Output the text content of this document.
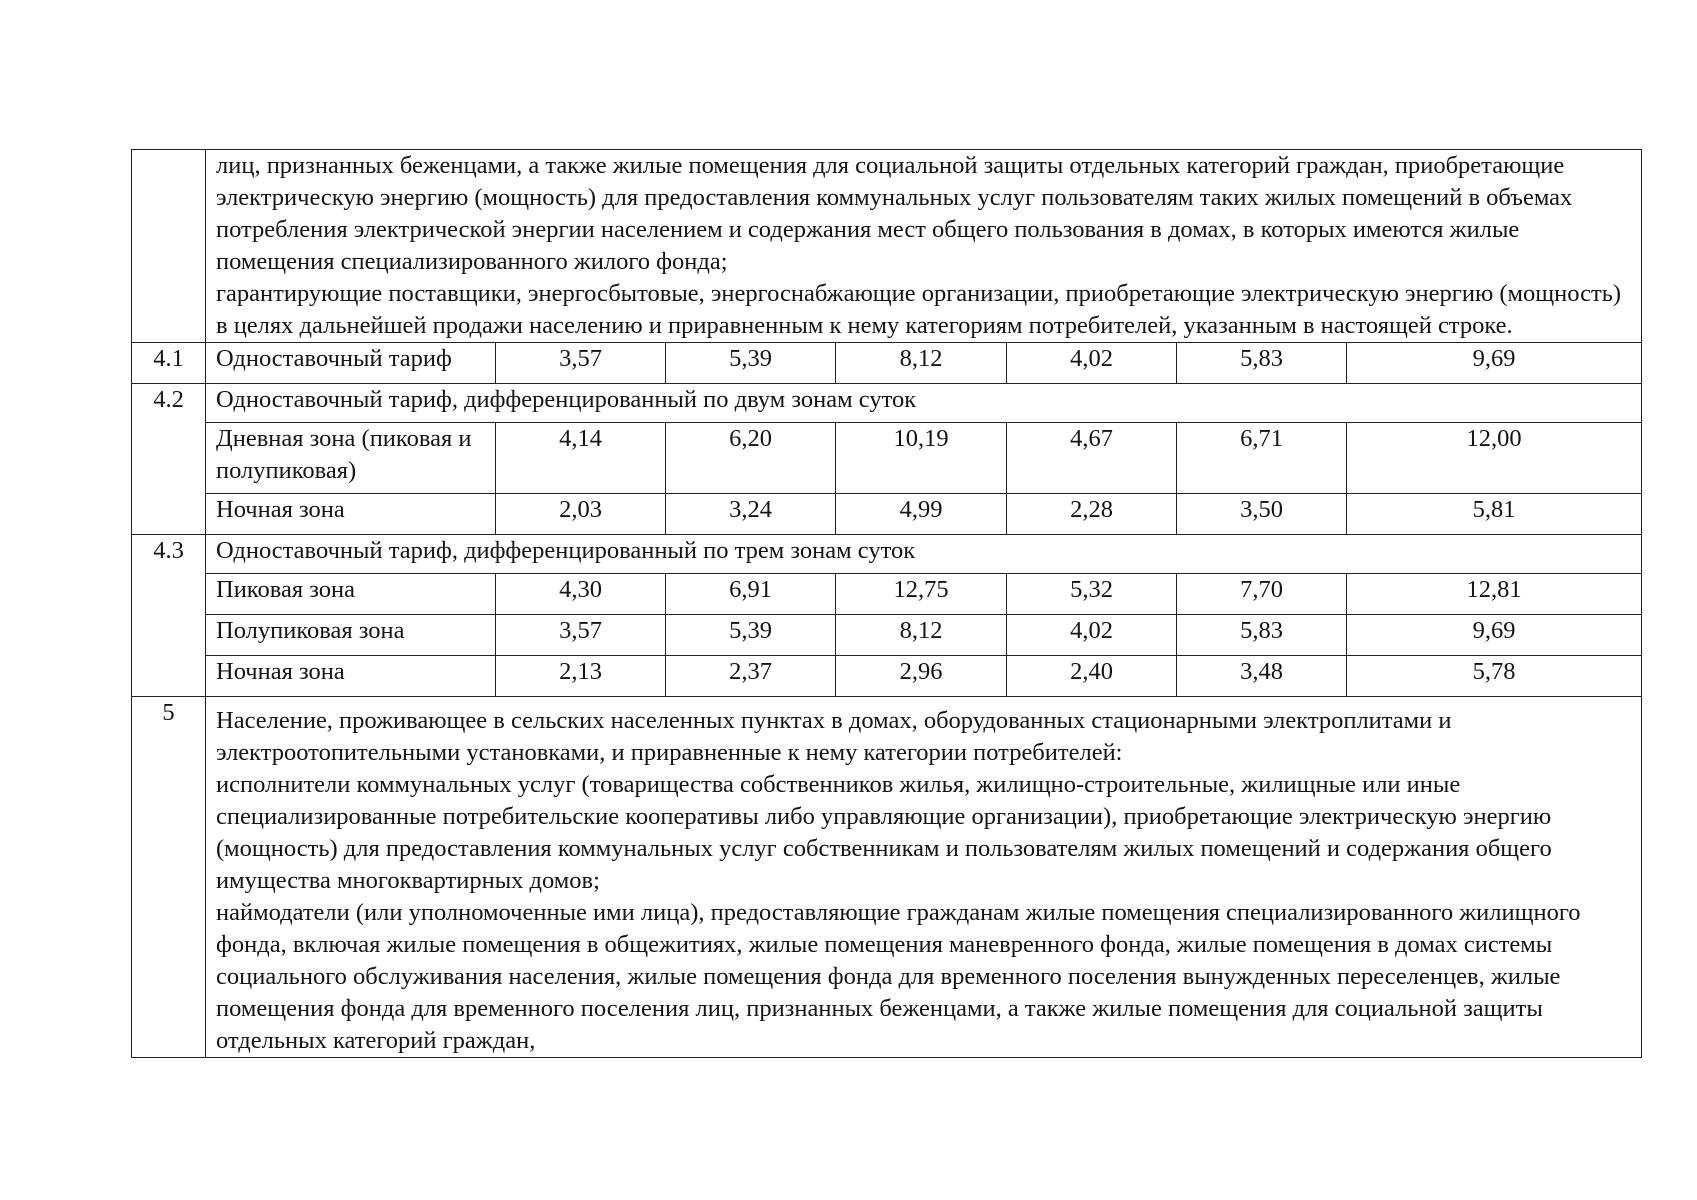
	лиц, признанных беженцами, а также жилые помещения для социальной защиты отдельных категорий граждан, приобретающие электрическую энергию (мощность) для предоставления коммунальных услуг пользователям таких жилых помещений в объемах потребления электрической энергии населением и содержания мест общего пользования в домах, в которых имеются жилые помещения специализированного жилого фонда;

гарантирующие поставщики, энергосбытовые, энергоснабжающие организации, приобретающие электрическую энергию (мощность) в целях дальнейшей продажи населению и приравненным к нему категориям потребителей, указанным в настоящей строке.						

4.1	Одноставочный тариф	3,57	5,39	8,12	4,02	5,83	9,69
4.2	Одноставочный тариф, дифференцированный по двум зонам суток						
	Дневная зона (пиковая и полупиковая)	4,14	6,20	10,19	4,67	6,71	12,00
	Ночная зона	2,03	3,24	4,99	2,28	3,50	5,81
4.3	Одноставочный тариф, дифференцированный по трем зонам суток						
	Пиковая зона	4,30	6,91	12,75	5,32	7,70	12,81
	Полупиковая зона	3,57	5,39	8,12	4,02	5,83	9,69
	Ночная зона	2,13	2,37	2,96	2,40	3,48	5,78
5	Население, проживающее в сельских населенных пунктах в домах, оборудованных стационарными электроплитами и электроотопительными установками, и приравненные к нему категории потребителей:

исполнители коммунальных услуг (товарищества собственников жилья, жилищно-строительные, жилищные или иные специализированные потребительские кооперативы либо управляющие организации), приобретающие электрическую энергию (мощность) для предоставления коммунальных услуг собственникам и пользователям жилых помещений и содержания общего имущества многоквартирных домов;

наймодатели (или уполномоченные ими лица), предоставляющие гражданам жилые помещения специализированного жилищного фонда, включая жилые помещения в общежитиях, жилые помещения маневренного фонда, жилые помещения в домах системы социального обслуживания населения, жилые помещения фонда для временного поселения вынужденных переселенцев, жилые помещения фонда для временного поселения лиц, признанных беженцами, а также жилые помещения для социальной защиты отдельных категорий граждан,						
